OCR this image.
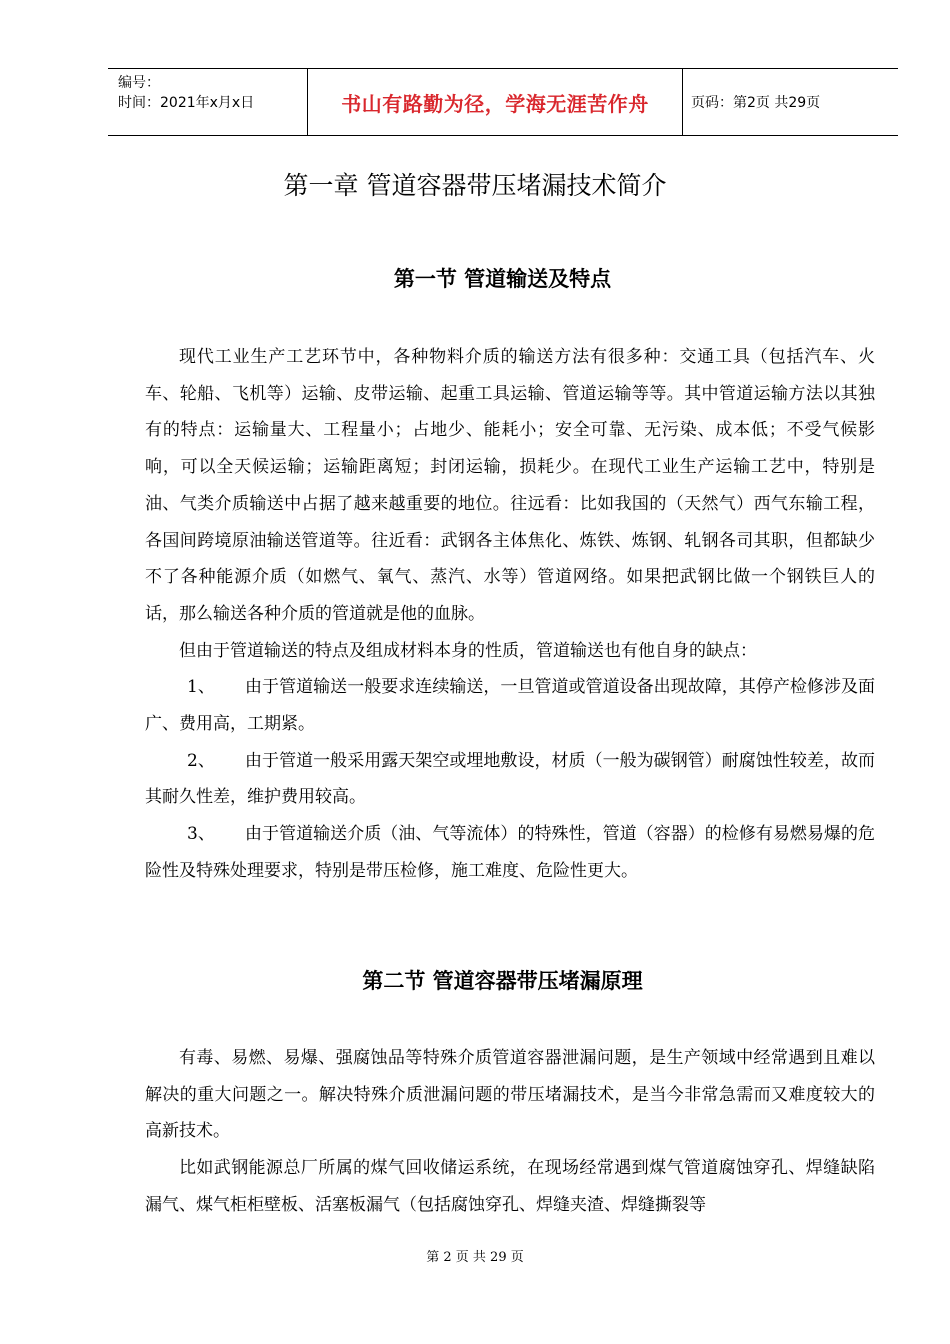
编号：
时间：2021年x月x日	书山有路勤为径，学海无涯苦作舟	页码：第2页 共29页
第一章 管道容器带压堵漏技术简介
第一节 管道输送及特点

现代工业生产工艺环节中，各种物料介质的输送方法有很多种：交通工具（包括汽车、火车、轮船、飞机等）运输、皮带运输、起重工具运输、管道运输等等。其中管道运输方法以其独有的特点：运输量大、工程量小；占地少、能耗小；安全可靠、无污染、成本低；不受气候影响，可以全天候运输；运输距离短；封闭运输，损耗少。在现代工业生产运输工艺中，特别是油、气类介质输送中占据了越来越重要的地位。往远看：比如我国的（天然气）西气东输工程，各国间跨境原油输送管道等。往近看：武钢各主体焦化、炼铁、炼钢、轧钢各司其职，但都缺少不了各种能源介质（如燃气、氧气、蒸汽、水等）管道网络。如果把武钢比做一个钢铁巨人的话，那么输送各种介质的管道就是他的血脉。

但由于管道输送的特点及组成材料本身的性质，管道输送也有他自身的缺点：

1、 由于管道输送一般要求连续输送，一旦管道或管道设备出现故障，其停产检修涉及面广、费用高，工期紧。

2、 由于管道一般采用露天架空或埋地敷设，材质（一般为碳钢管）耐腐蚀性较差，故而其耐久性差，维护费用较高。

3、 由于管道输送介质（油、气等流体）的特殊性，管道（容器）的检修有易燃易爆的危险性及特殊处理要求，特别是带压检修，施工难度、危险性更大。

第二节 管道容器带压堵漏原理

有毒、易燃、易爆、强腐蚀品等特殊介质管道容器泄漏问题，是生产领域中经常遇到且难以解决的重大问题之一。解决特殊介质泄漏问题的带压堵漏技术，是当今非常急需而又难度较大的高新技术。

比如武钢能源总厂所属的煤气回收储运系统，在现场经常遇到煤气管道腐蚀穿孔、焊缝缺陷漏气、煤气柜柜壁板、活塞板漏气（包括腐蚀穿孔、焊缝夹渣、焊缝撕裂等

第 2 页 共 29 页
